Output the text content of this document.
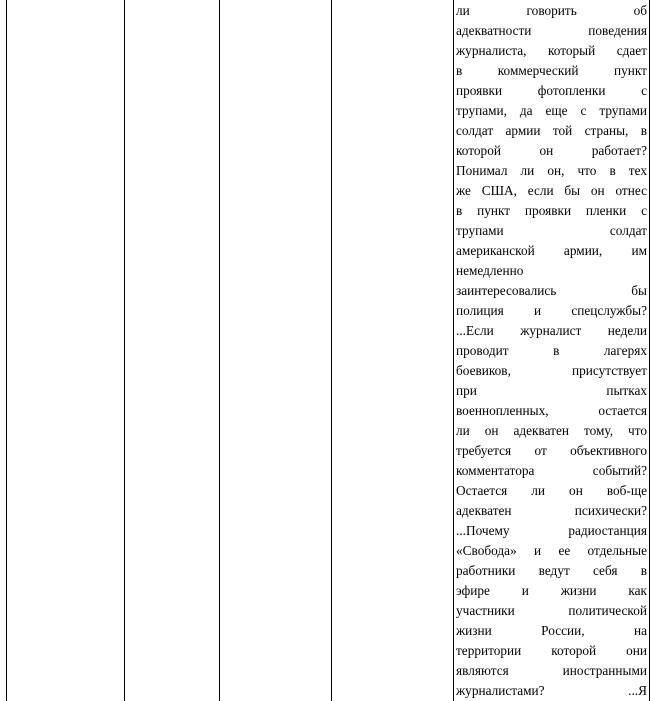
ли говорить об
адекватности поведения
журналиста, который сдает
в коммерческий пункт
проявки фотопленки с
трупами, да еще с трупами
солдат армии той страны, в
которой он работает?
Понимал ли он, что в тех
же США, если бы он отнес
в пункт проявки пленки с
трупами солдат
американской армии, им
немедленно
заинтересовались бы
полиция и спецслужбы?
...Если журналист недели
проводит в лагерях
боевиков, присутствует
при пытках
военнопленных, остается
ли он адекватен тому, что
требуется от объективного
комментатора событий?
Остается ли он воб-ще
адекватен психически?
...Почему радиостанция
«Свобода» и ее отдельные
работники ведут себя в
эфире и жизни как
участники политической
жизни России, на
территории которой они
являются иностранными
журналистами? ...Я
